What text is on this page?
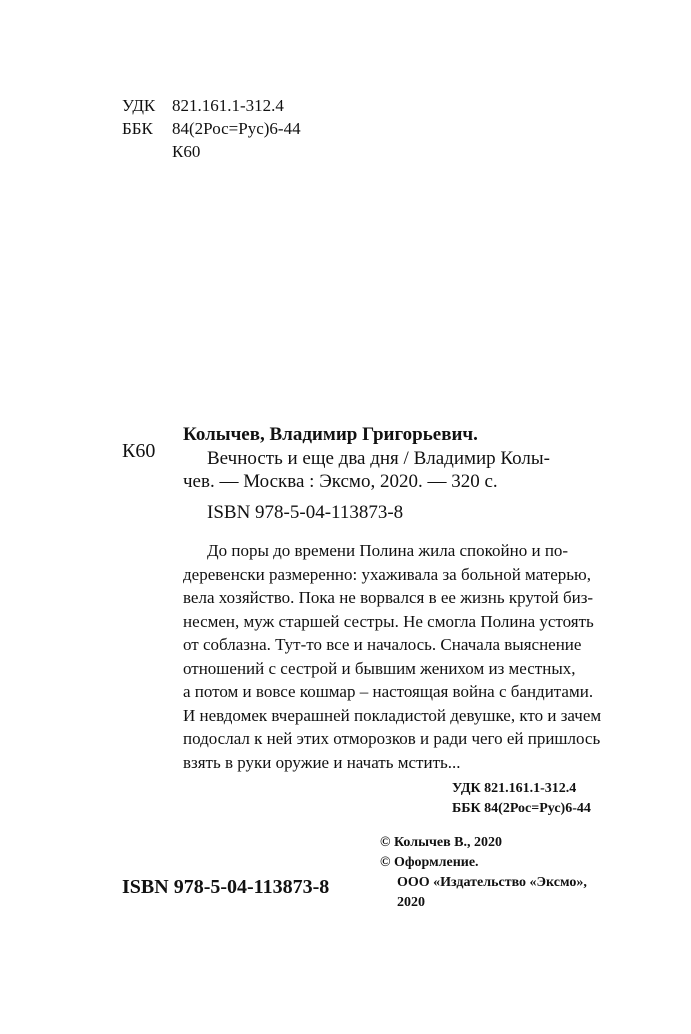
УДК 821.161.1-312.4
ББК 84(2Рос=Рус)6-44
К60
К60
Колычев, Владимир Григорьевич.
Вечность и еще два дня / Владимир Колы-
чев. — Москва : Эксмо, 2020. — 320 с.
ISBN 978-5-04-113873-8
До поры до времени Полина жила спокойно и по-
деревенски размеренно: ухаживала за больной матерью,
вела хозяйство. Пока не ворвался в ее жизнь крутой биз-
несмен, муж старшей сестры. Не смогла Полина устоять
от соблазна. Тут-то все и началось. Сначала выяснение
отношений с сестрой и бывшим женихом из местных,
а потом и вовсе кошмар – настоящая война с бандитами.
И невдомек вчерашней покладистой девушке, кто и зачем
подослал к ней этих отморозков и ради чего ей пришлось
взять в руки оружие и начать мстить...
УДК 821.161.1-312.4
ББК 84(2Рос=Рус)6-44
© Колычев В., 2020
© Оформление.
ООО «Издательство «Эксмо»,
2020
ISBN 978-5-04-113873-8
